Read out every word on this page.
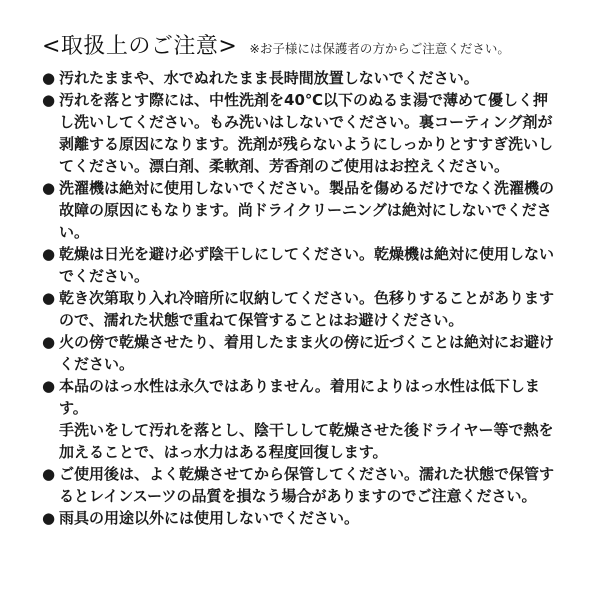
<取扱上のご注意> ※お子様には保護者の方からご注意ください。
● 汚れたままや、水でぬれたまま長時間放置しないでください。
● 汚れを落とす際には、中性洗剤を40℃以下のぬるま湯で薄めて優しく押し洗いしてください。もみ洗いはしないでください。裏コーティング剤が剥離する原因になります。洗剤が残らないようにしっかりとすすぎ洗いしてください。漂白剤、柔軟剤、芳香剤のご使用はお控えください。
● 洗濯機は絶対に使用しないでください。製品を傷めるだけでなく洗濯機の故障の原因にもなります。尚ドライクリーニングは絶対にしないでください。
● 乾燥は日光を避け必ず陰干しにしてください。乾燥機は絶対に使用しないでください。
● 乾き次第取り入れ冷暗所に収納してください。色移りすることがありますので、濡れた状態で重ねて保管することはお避けください。
● 火の傍で乾燥させたり、着用したまま火の傍に近づくことは絶対にお避けください。
● 本品のはっ水性は永久ではありません。着用によりはっ水性は低下します。
手洗いをして汚れを落とし、陰干しして乾燥させた後ドライヤー等で熱を加えることで、はっ水力はある程度回復します。
● ご使用後は、よく乾燥させてから保管してください。濡れた状態で保管するとレインスーツの品質を損なう場合がありますのでご注意ください。
● 雨具の用途以外には使用しないでください。
